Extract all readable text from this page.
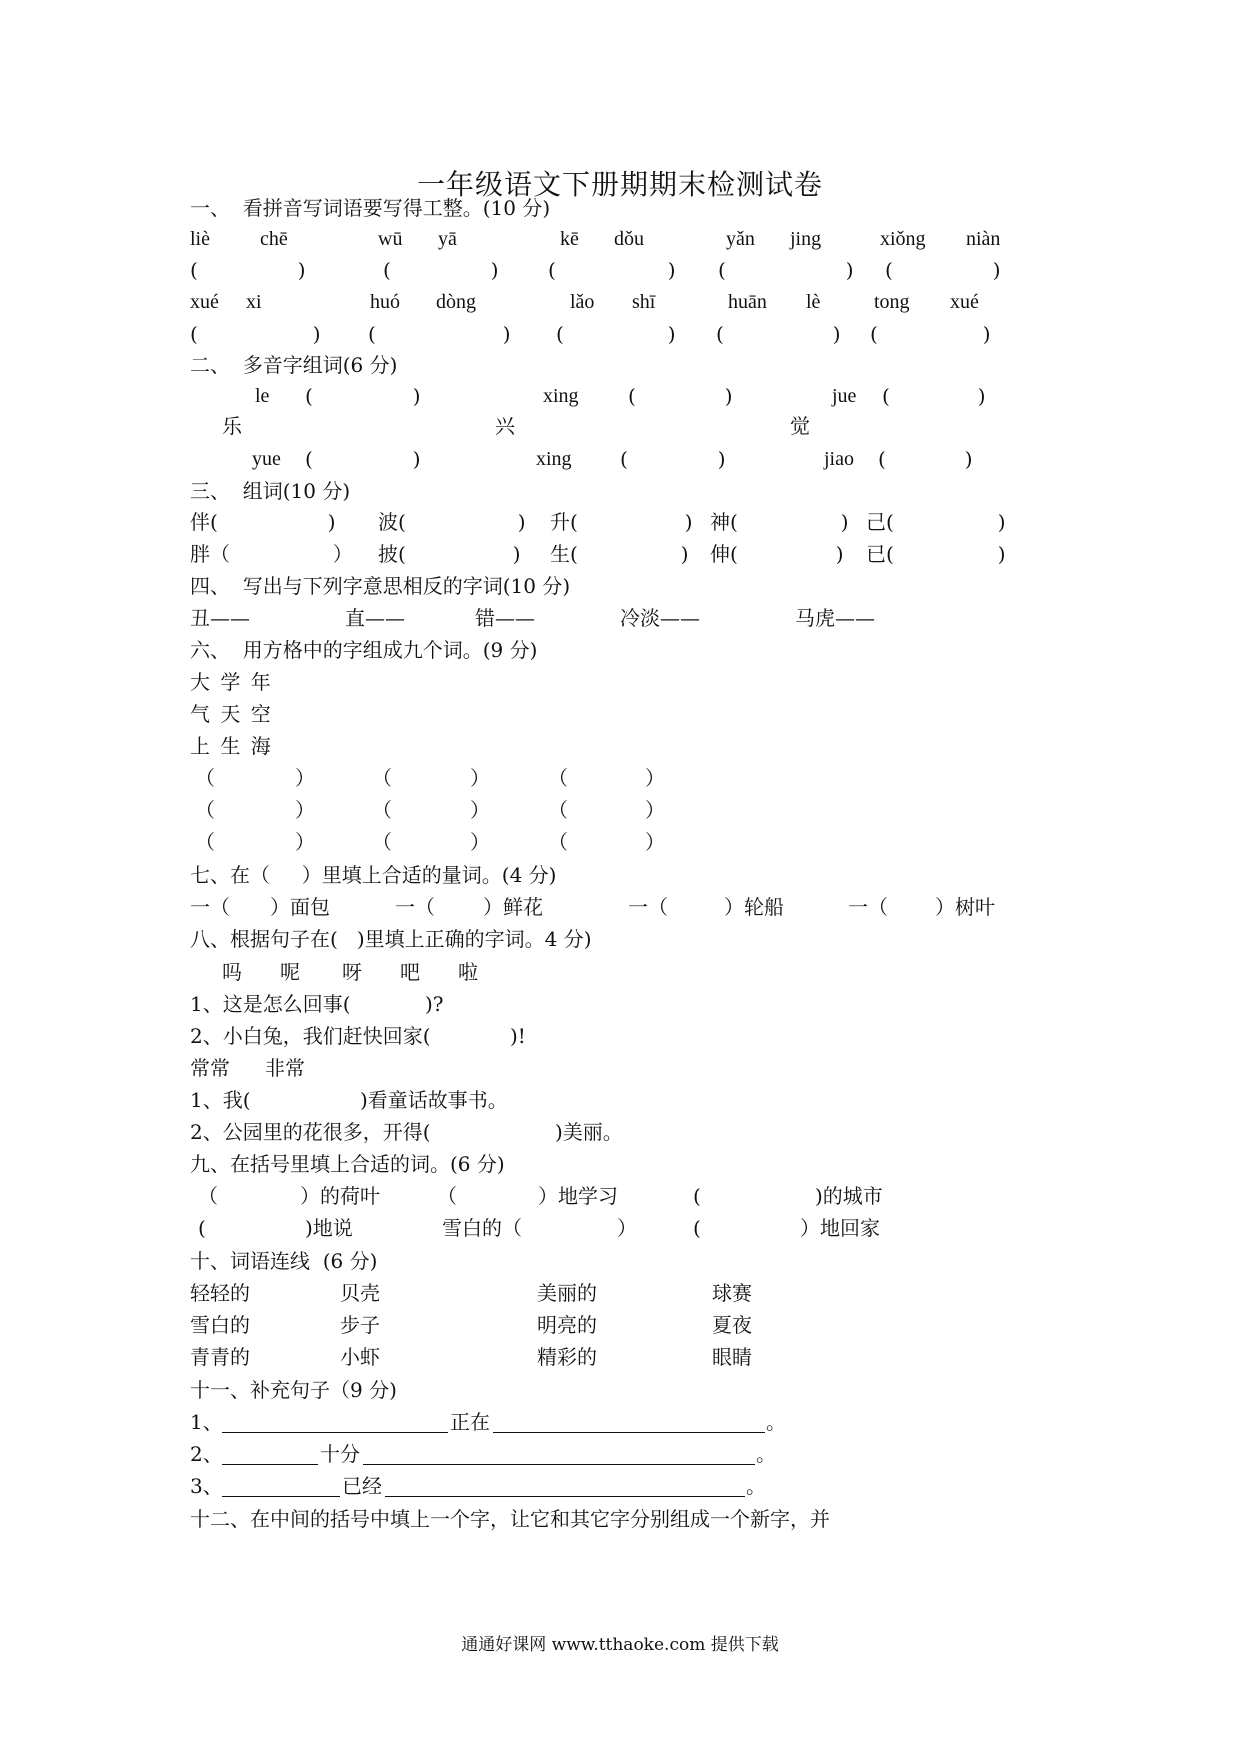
一年级语文下册期期末检测试卷
一、  看拼音写词语要写得工整。(10 分)
liè	chē	wū yā	kē dǒu	yǎn jing	xiǒng niàn
(	)	(	) (	) (	) (	)
xué xi	huó dòng	lǎo shī	huān lè	tong xué
(	) (	) (	) (	) (	)
二、  多音字组词(6 分)
le (	)	xing (	)	jue (	)
乐	兴	觉
yue (	)	xing (	)	jiao (	)
三、  组词(10 分)
伴(	) 波(	) 升(	) 神(	) 己(	)
胖（	） 披(	) 生(	) 伸(	) 已(	)
四、  写出与下列字意思相反的字词(10 分)
丑——	直——	错——	冷淡——	马虎——
六、  用方格中的字组成九个词。(9 分)
大 学 年
气 天 空
上 生 海
（	）	（	）	（	）
（	）	（	）	（	）
（	）	（	）	（	）
七、在（     ）里填上合适的量词。(4 分)
一（ ）面包	一（ ）鲜花	一（	）轮船	一（ ）树叶
八、根据句子在(   )里填上正确的字词。4 分)
吗 呢 呀 吧 啦
1、这是怎么回事(	)?
2、小白兔，我们赶快回家(	)!
常常 非常
1、我(	)看童话故事书。
2、公园里的花很多，开得(	)美丽。
九、在括号里填上合适的词。(6 分)
（	）的荷叶	（	）地学习	(	)的城市
(	)地说	雪白的（	）	(	）地回家
十、词语连线  (6 分)
轻轻的	贝壳	美丽的	球赛
雪白的	步子	明亮的	夏夜
青青的	小虾	精彩的	眼睛
十一、补充句子（9 分)
1、	正在	。
2、	十分	。
3、	已经	。
十二、在中间的括号中填上一个字，让它和其它字分别组成一个新字，并
通通好课网 www.tthaoke.com 提供下载
